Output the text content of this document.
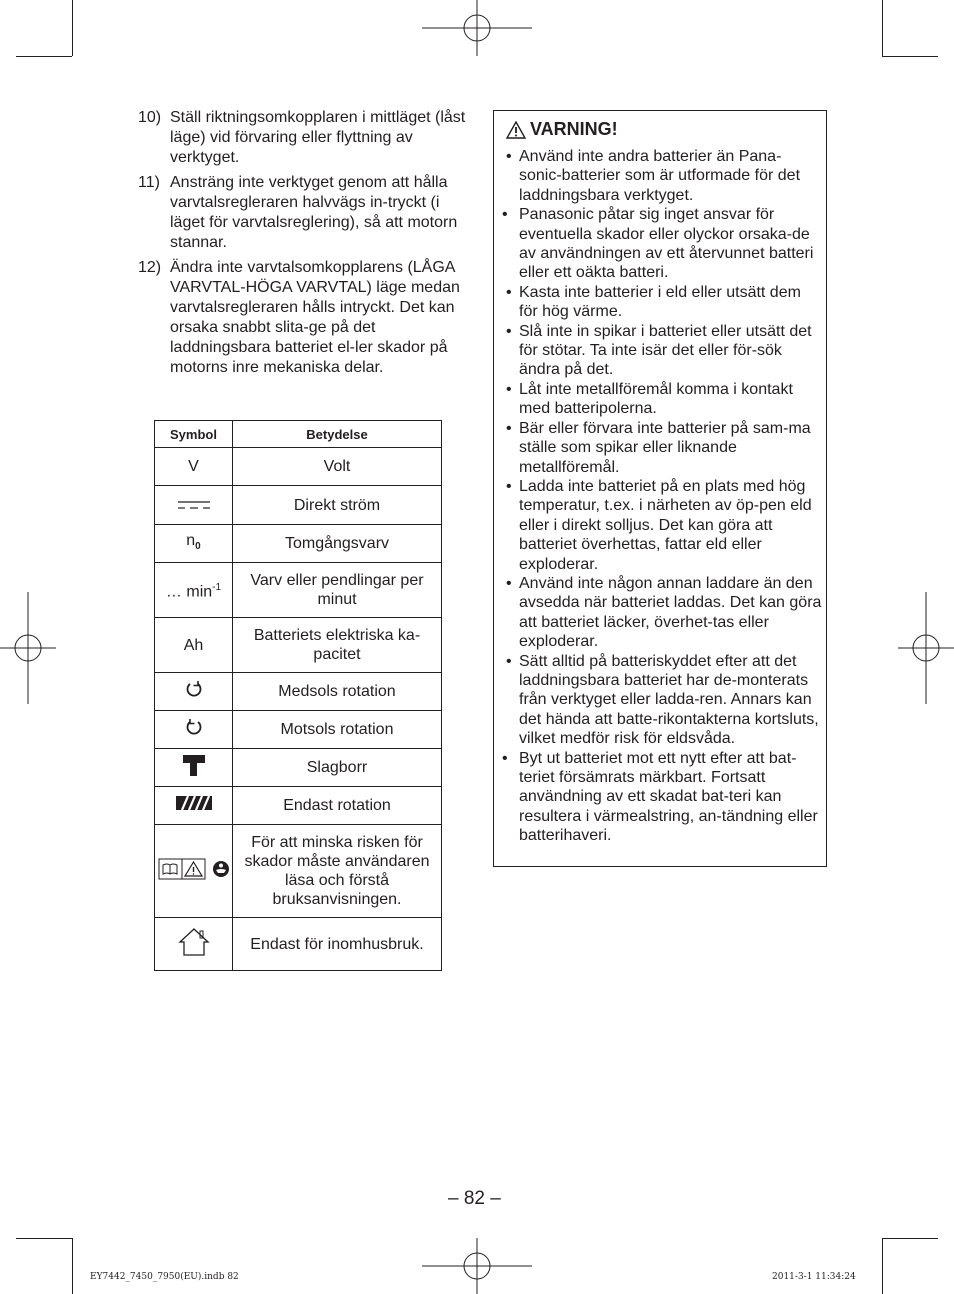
10) Ställ riktningsomkopplaren i mittläget (låst läge) vid förvaring eller flyttning av verktyget.
11) Ansträng inte verktyget genom att hålla varvtalsregleraren halvvägs in-tryckt (i läget för varvtalsreglering), så att motorn stannar.
12) Ändra inte varvtalsomkopplarens (LÅGA VARVTAL-HÖGA VARVTAL) läge medan varvtalsregleraren hålls intryckt. Det kan orsaka snabbt slita-ge på det laddningsbara batteriet el-ler skador på motorns inre mekaniska delar.
Symbol	Betydelse
V	Volt
	Direkt ström
$n_0$	Tomgångsvarv
… $\min^{-1}$	Varv eller pendlingar per minut
Ah	Batteriets elektriska ka-pacitet
	Medsols rotation
	Motsols rotation
	Slagborr
	Endast rotation
	För att minska risken för skador måste användaren läsa och förstå bruksanvisningen.
	Endast för inomhusbruk.
VARNING!
• Använd inte andra batterier än Pana-sonic-batterier som är utformade för det laddningsbara verktyget.
• Panasonic påtar sig inget ansvar för eventuella skador eller olyckor orsaka-de av användningen av ett återvunnet batteri eller ett oäkta batteri.
• Kasta inte batterier i eld eller utsätt dem för hög värme.
• Slå inte in spikar i batteriet eller utsätt det för stötar. Ta inte isär det eller för-sök ändra på det.
• Låt inte metallföremål komma i kontakt med batteripolerna.
• Bär eller förvara inte batterier på sam-ma ställe som spikar eller liknande metallföremål.
• Ladda inte batteriet på en plats med hög temperatur, t.ex. i närheten av öp-pen eld eller i direkt solljus. Det kan göra att batteriet överhettas, fattar eld eller exploderar.
• Använd inte någon annan laddare än den avsedda när batteriet laddas. Det kan göra att batteriet läcker, överhet-tas eller exploderar.
• Sätt alltid på batteriskyddet efter att det laddningsbara batteriet har de-monterats från verktyget eller ladda-ren. Annars kan det hända att batte-rikontakterna kortsluts, vilket medför risk för eldsvåda.
• Byt ut batteriet mot ett nytt efter att bat-teriet försämrats märkbart. Fortsatt användning av ett skadat bat-teri kan resultera i värmealstring, an-tändning eller batterihaveri.
– 82 –
EY7442_7450_7950(EU).indb 82	2011-3-1 11:34:24
